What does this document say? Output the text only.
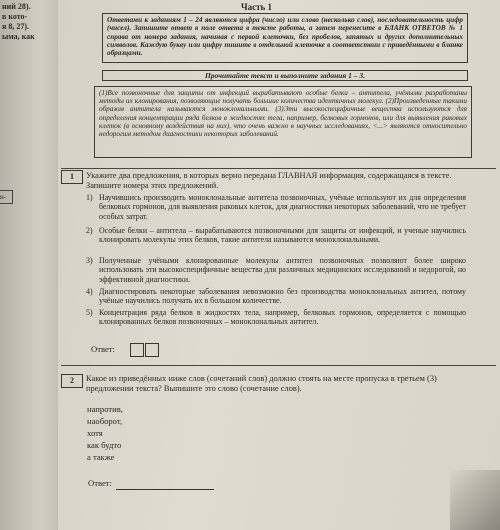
ний 28).
в кото-
я 8, 27).
ыма, как
н-
Часть 1
Ответами к заданиям 1 – 24 являются цифра (число) или слово (несколько слов), последовательность цифр (чисел). Запишите ответ в поле ответа в тексте работы, а затем перенесите в БЛАНК ОТВЕТОВ № 1 справа от номера задания, начиная с первой клеточки, без пробелов, запятых и других дополнительных символов. Каждую букву или цифру пишите в отдельной клеточке в соответствии с приведёнными в бланке образцами.
Прочитайте текст и выполните задания 1 – 3.
(1)Все позвоночные для защиты от инфекций вырабатывают особые белки – антитела, учёными разработаны методы их клонирования, позволяющие получать большие количества идентичных молекул. (2)Произведенные такими образом антитела называются моноклональными. (3)Эти высокоспецифичные вещества используются для определения концентрации ряда белков в жидкостях тела, например, белковых гормонов, или для выявления раковых клеток (в основному воздействия на них), что очень важно в научных исследованиях, <...> являются относительно недорогим методом диагностики некоторых заболеваний.
1	Укажите два предложения, в которых верно передана ГЛАВНАЯ информация, содержащаяся в тексте. Запишите номера этих предложений.
1) Научившись производить моноклональные антитела позвоночных, учёные используют их для определения белковых гормонов, для выявления раковых клеток, для диагностики некоторых заболеваний, что не требует особых затрат.
2) Особые белки – антитела – вырабатываются позвоночными для защиты от инфекций, и ученые научились клонировать молекулы этих белков, такие антитела называются моноклональными.
3) Полученные учёными клонированные молекулы антител позвоночных позволяют более широко использовать эти высокоспецифичные вещества для различных медицинских исследований и недорогой, но эффективной диагностики.
4) Диагностировать некоторые заболевания невозможно без производства моноклональных антител, потому учёные научились получать их в большом количестве.
5) Концентрация ряда белков в жидкостях тела, например, белковых гормонов, определяется с помощью клонированных белков позвоночных – моноклональных антител.
Ответ:
2	Какое из приведённых ниже слов (сочетаний слов) должно стоять на месте пропуска в третьем (3) предложении текста? Выпишите это слово (сочетание слов).
напротив,
наоборот,
хотя
как будто
а также
Ответ:
